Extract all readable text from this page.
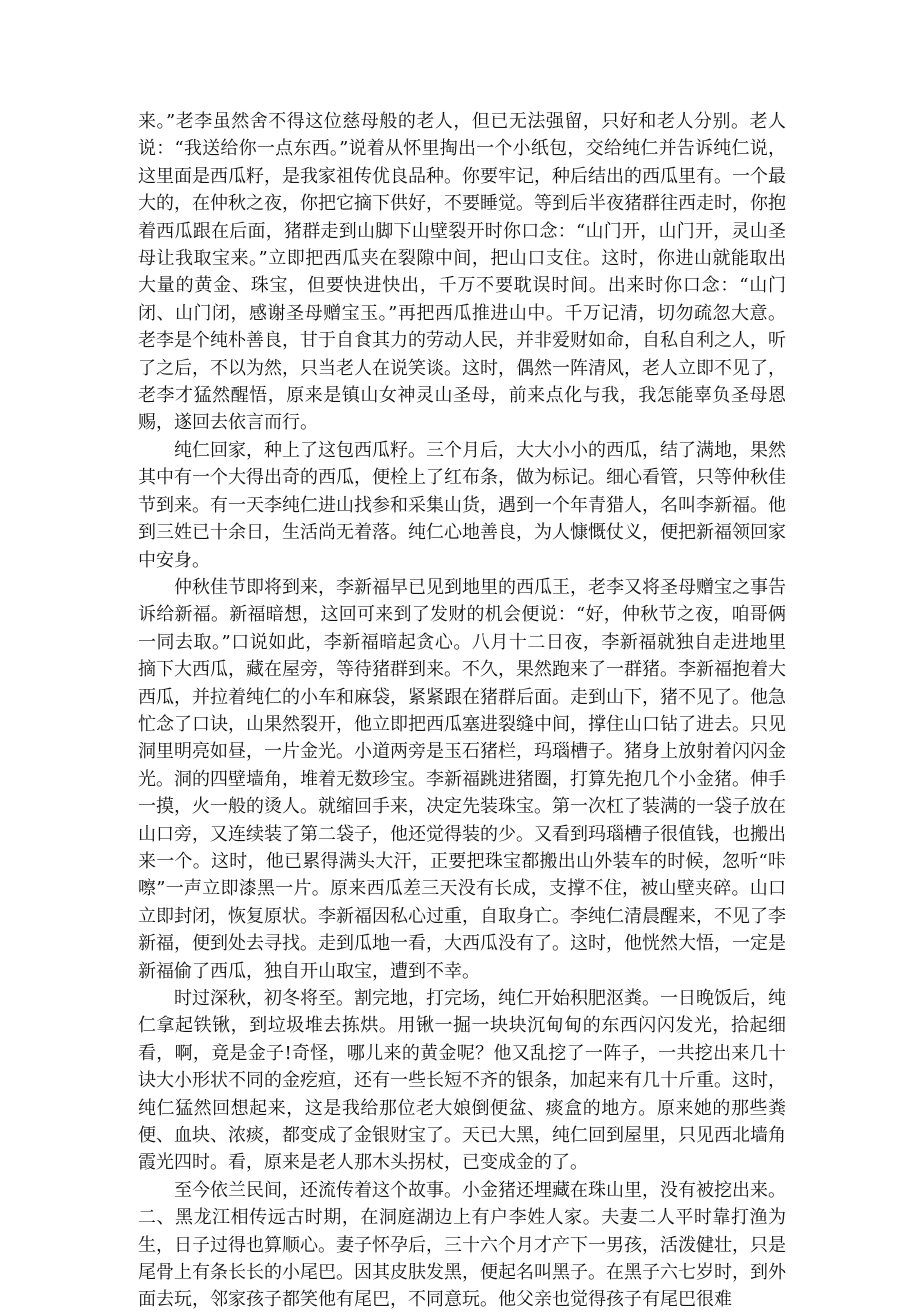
来。”老李虽然舍不得这位慈母般的老人，但已无法强留，只好和老人分别。老人说：“我送给你一点东西。”说着从怀里掏出一个小纸包，交给纯仁并告诉纯仁说，这里面是西瓜籽，是我家祖传优良品种。你要牢记，种后结出的西瓜里有。一个最大的，在仲秋之夜，你把它摘下供好，不要睡觉。等到后半夜猪群往西走时，你抱着西瓜跟在后面，猪群走到山脚下山壁裂开时你口念：“山门开，山门开，灵山圣母让我取宝来。”立即把西瓜夹在裂隙中间，把山口支住。这时，你进山就能取出大量的黄金、珠宝，但要快进快出，千万不要耽误时间。出来时你口念：“山门闭、山门闭，感谢圣母赠宝玉。”再把西瓜推进山中。千万记清，切勿疏忽大意。老李是个纯朴善良，甘于自食其力的劳动人民，并非爱财如命，自私自利之人，听了之后，不以为然，只当老人在说笑谈。这时，偶然一阵清风，老人立即不见了，老李才猛然醒悟，原来是镇山女神灵山圣母，前来点化与我，我怎能辜负圣母恩赐，遂回去依言而行。

纯仁回家，种上了这包西瓜籽。三个月后，大大小小的西瓜，结了满地，果然其中有一个大得出奇的西瓜，便栓上了红布条，做为标记。细心看管，只等仲秋佳节到来。有一天李纯仁进山找参和采集山货，遇到一个年青猎人，名叫李新福。他到三姓已十余日，生活尚无着落。纯仁心地善良，为人慷慨仗义，便把新福领回家中安身。

仲秋佳节即将到来，李新福早已见到地里的西瓜王，老李又将圣母赠宝之事告诉给新福。新福暗想，这回可来到了发财的机会便说：“好，仲秋节之夜，咱哥俩一同去取。”口说如此，李新福暗起贪心。八月十二日夜，李新福就独自走进地里摘下大西瓜，藏在屋旁，等待猪群到来。不久，果然跑来了一群猪。李新福抱着大西瓜，并拉着纯仁的小车和麻袋，紧紧跟在猪群后面。走到山下，猪不见了。他急忙念了口诀，山果然裂开，他立即把西瓜塞进裂缝中间，撑住山口钻了进去。只见洞里明亮如昼，一片金光。小道两旁是玉石猪栏，玛瑙槽子。猪身上放射着闪闪金光。洞的四壁墙角，堆着无数珍宝。李新福跳进猪圈，打算先抱几个小金猪。伸手一摸，火一般的烫人。就缩回手来，决定先装珠宝。第一次杠了装满的一袋子放在山口旁，又连续装了第二袋子，他还觉得装的少。又看到玛瑙槽子很值钱，也搬出来一个。这时，他已累得满头大汗，正要把珠宝都搬出山外装车的时候，忽听“咔嚓”一声立即漆黑一片。原来西瓜差三天没有长成，支撑不住，被山壁夹碎。山口立即封闭，恢复原状。李新福因私心过重，自取身亡。李纯仁清晨醒来，不见了李新福，便到处去寻找。走到瓜地一看，大西瓜没有了。这时，他恍然大悟，一定是新福偷了西瓜，独自开山取宝，遭到不幸。

时过深秋，初冬将至。割完地，打完场，纯仁开始积肥沤粪。一日晚饭后，纯仁拿起铁锹，到垃圾堆去拣烘。用锹一掘一块块沉甸甸的东西闪闪发光，拾起细看，啊，竟是金子!奇怪，哪儿来的黄金呢？他又乱挖了一阵子，一共挖出来几十诀大小形状不同的金疙疸，还有一些长短不齐的银条，加起来有几十斤重。这时，纯仁猛然回想起来，这是我给那位老大娘倒便盆、痰盒的地方。原来她的那些粪便、血块、浓痰，都变成了金银财宝了。天已大黑，纯仁回到屋里，只见西北墙角霞光四时。看，原来是老人那木头拐杖，已变成金的了。

至今依兰民间，还流传着这个故事。小金猪还埋藏在珠山里，没有被挖出来。

二、黑龙江相传远古时期，在洞庭湖边上有户李姓人家。夫妻二人平时靠打渔为生，日子过得也算顺心。妻子怀孕后，三十六个月才产下一男孩，活泼健壮，只是尾骨上有条长长的小尾巴。因其皮肤发黑，便起名叫黑子。在黑子六七岁时，到外面去玩，邻家孩子都笑他有尾巴，不同意玩。他父亲也觉得孩子有尾巴很难
